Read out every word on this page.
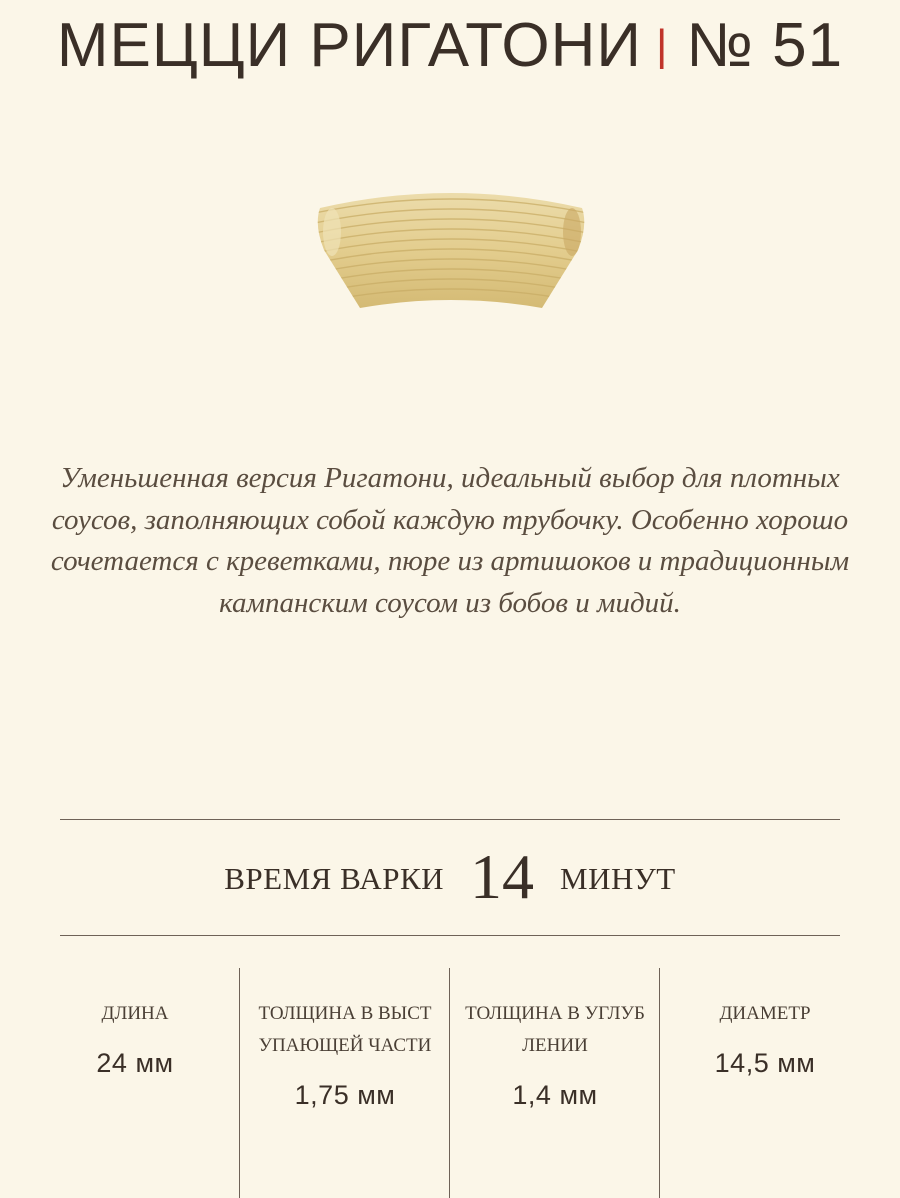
МЕЦЦИ РИГАТОНИ | № 51
Уменьшенная версия Ригатони, идеальный выбор для плотных соусов, заполняющих собой каждую трубочку. Особенно хорошо сочетается с креветками, пюре из артишоков и традиционным кампанским соусом из бобов и мидий.
ВРЕМЯ ВАРКИ 14 МИНУТ
ДЛИНА
24 мм
ТОЛЩИНА В ВЫСТУПАЮЩЕЙ ЧАСТИ
1,75 мм
ТОЛЩИНА В УГЛУБЛЕНИИ
1,4 мм
ДИАМЕТР
14,5 мм
